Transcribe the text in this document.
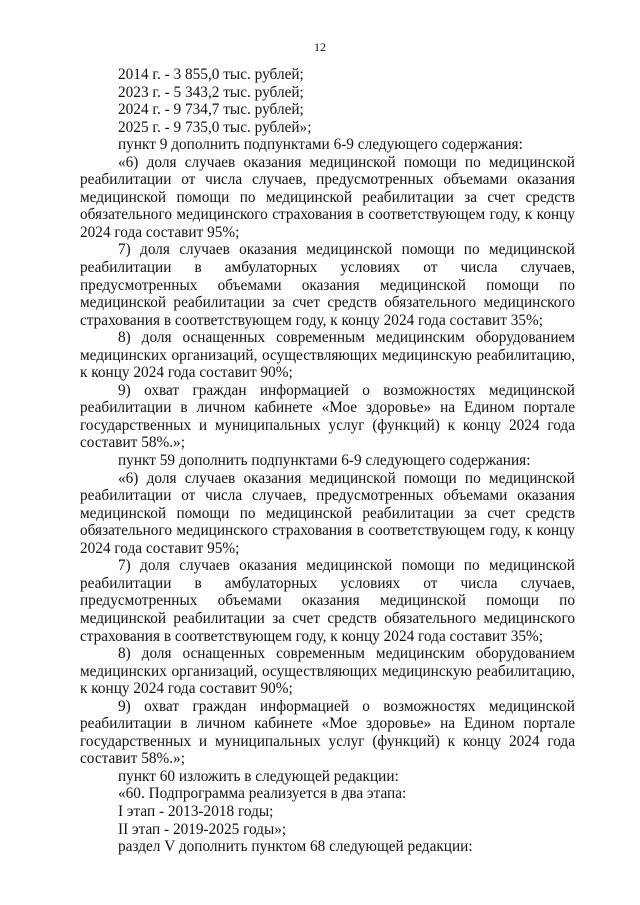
12

2014 г. - 3 855,0 тыс. рублей;

2023 г. - 5 343,2 тыс. рублей;

2024 г. - 9 734,7 тыс. рублей;

2025 г. - 9 735,0 тыс. рублей»;

пункт 9 дополнить подпунктами 6-9 следующего содержания:

«6) доля случаев оказания медицинской помощи по медицинской реабилитации от числа случаев, предусмотренных объемами оказания медицинской помощи по медицинской реабилитации за счет средств обязательного медицинского страхования в соответствующем году, к концу 2024 года составит 95%;

7) доля случаев оказания медицинской помощи по медицинской реабилитации в амбулаторных условиях от числа случаев, предусмотренных объемами оказания медицинской помощи по медицинской реабилитации за счет средств обязательного медицинского страхования в соответствующем году, к концу 2024 года составит 35%;

8) доля оснащенных современным медицинским оборудованием медицинских организаций, осуществляющих медицинскую реабилитацию, к концу 2024 года составит 90%;

9) охват граждан информацией о возможностях медицинской реабилитации в личном кабинете «Мое здоровье» на Едином портале государственных и муниципальных услуг (функций) к концу 2024 года составит 58%.»;

пункт 59 дополнить подпунктами 6-9 следующего содержания:

«6) доля случаев оказания медицинской помощи по медицинской реабилитации от числа случаев, предусмотренных объемами оказания медицинской помощи по медицинской реабилитации за счет средств обязательного медицинского страхования в соответствующем году, к концу 2024 года составит 95%;

7) доля случаев оказания медицинской помощи по медицинской реабилитации в амбулаторных условиях от числа случаев, предусмотренных объемами оказания медицинской помощи по медицинской реабилитации за счет средств обязательного медицинского страхования в соответствующем году, к концу 2024 года составит 35%;

8) доля оснащенных современным медицинским оборудованием медицинских организаций, осуществляющих медицинскую реабилитацию, к концу 2024 года составит 90%;

9) охват граждан информацией о возможностях медицинской реабилитации в личном кабинете «Мое здоровье» на Едином портале государственных и муниципальных услуг (функций) к концу 2024 года составит 58%.»;

пункт 60 изложить в следующей редакции:

«60. Подпрограмма реализуется в два этапа:

I этап - 2013-2018 годы;

II этап - 2019-2025 годы»;

раздел V дополнить пунктом 68 следующей редакции:
